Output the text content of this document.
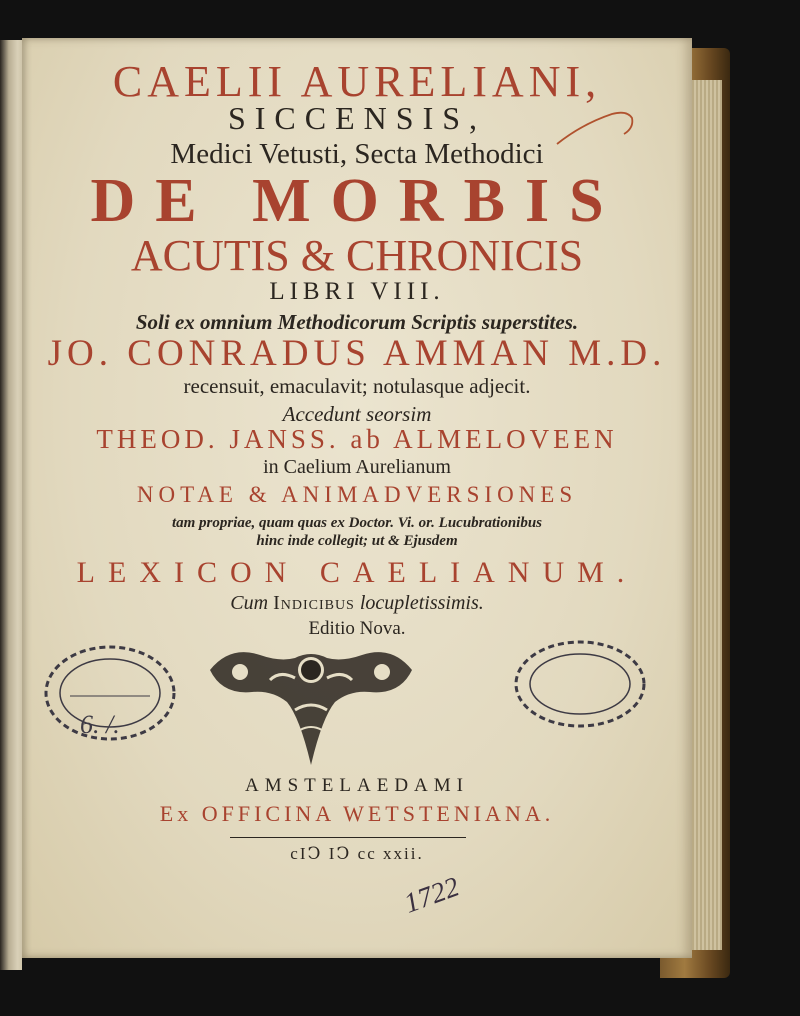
CAELII AURELIANI,
SICCENSIS,
Medici Vetusti, Secta Methodici
DE MORBIS
ACUTIS & CHRONICIS
LIBRI VIII.
Soli ex omnium Methodicorum Scriptis superstites.
JO. CONRADUS AMMAN M.D.
recensuit, emaculavit; notulasque adjecit.
Accedunt seorsim
THEOD. JANSS. ab ALMELOVEEN
in Caelium Aurelianum
NOTAE & ANIMADVERSIONES
tam propriae, quam quas ex Doctor. Vi. or. Lucubrationibus
hinc inde collegit; ut & Ejusdem
LEXICON CAELIANUM.
Cum Indicibus locupletissimis.
Editio Nova.
6. /.
AMSTELAEDAMI
Ex OFFICINA WETSTENIANA.
cIↃ IↃ cc xxii.
1722
